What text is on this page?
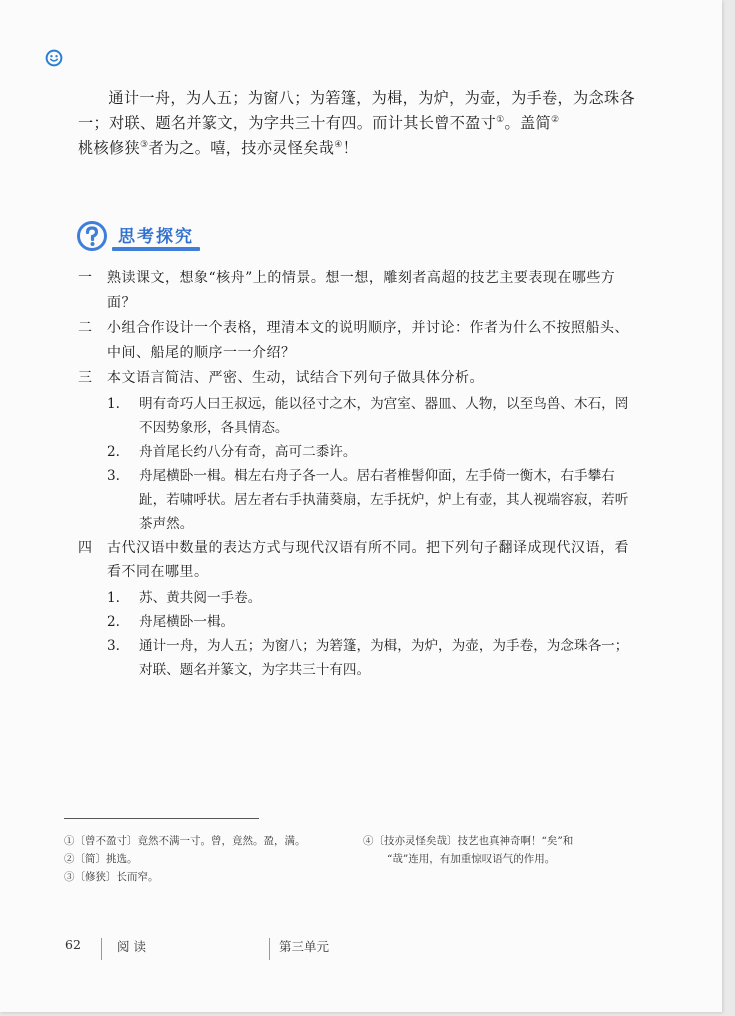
通计一舟，为人五；为窗八；为箬篷，为楫，为炉，为壶，为手卷，为念珠各一；对联、题名并篆文，为字共三十有四。而计其长曾不盈寸①。盖简②
桃核修狭③者为之。嘻，技亦灵怪矣哉④！

思考探究
一	熟读课文，想象“核舟”上的情景。想一想，雕刻者高超的技艺主要表现在哪些方面？
二	小组合作设计一个表格，理清本文的说明顺序，并讨论：作者为什么不按照船头、中间、船尾的顺序一一介绍？
三	本文语言简洁、严密、生动，试结合下列句子做具体分析。
1.	明有奇巧人曰王叔远，能以径寸之木，为宫室、器皿、人物，以至鸟兽、木石，罔不因势象形，各具情态。
2.	舟首尾长约八分有奇，高可二黍许。
3.	舟尾横卧一楫。楫左右舟子各一人。居右者椎髻仰面，左手倚一衡木，右手攀右趾，若啸呼状。居左者右手执蒲葵扇，左手抚炉，炉上有壶，其人视端容寂，若听茶声然。
四	古代汉语中数量的表达方式与现代汉语有所不同。把下列句子翻译成现代汉语，看看不同在哪里。
1.	苏、黄共阅一手卷。
2.	舟尾横卧一楫。
3.	通计一舟，为人五；为窗八；为箬篷，为楫，为炉，为壶，为手卷，为念珠各一；对联、题名并篆文，为字共三十有四。
①〔曾不盈寸〕竟然不满一寸。曾，竟然。盈，满。
②〔简〕挑选。
③〔修狭〕长而窄。
④〔技亦灵怪矣哉〕技艺也真神奇啊！“矣”和
“哉”连用，有加重惊叹语气的作用。
62	阅读	第三单元
